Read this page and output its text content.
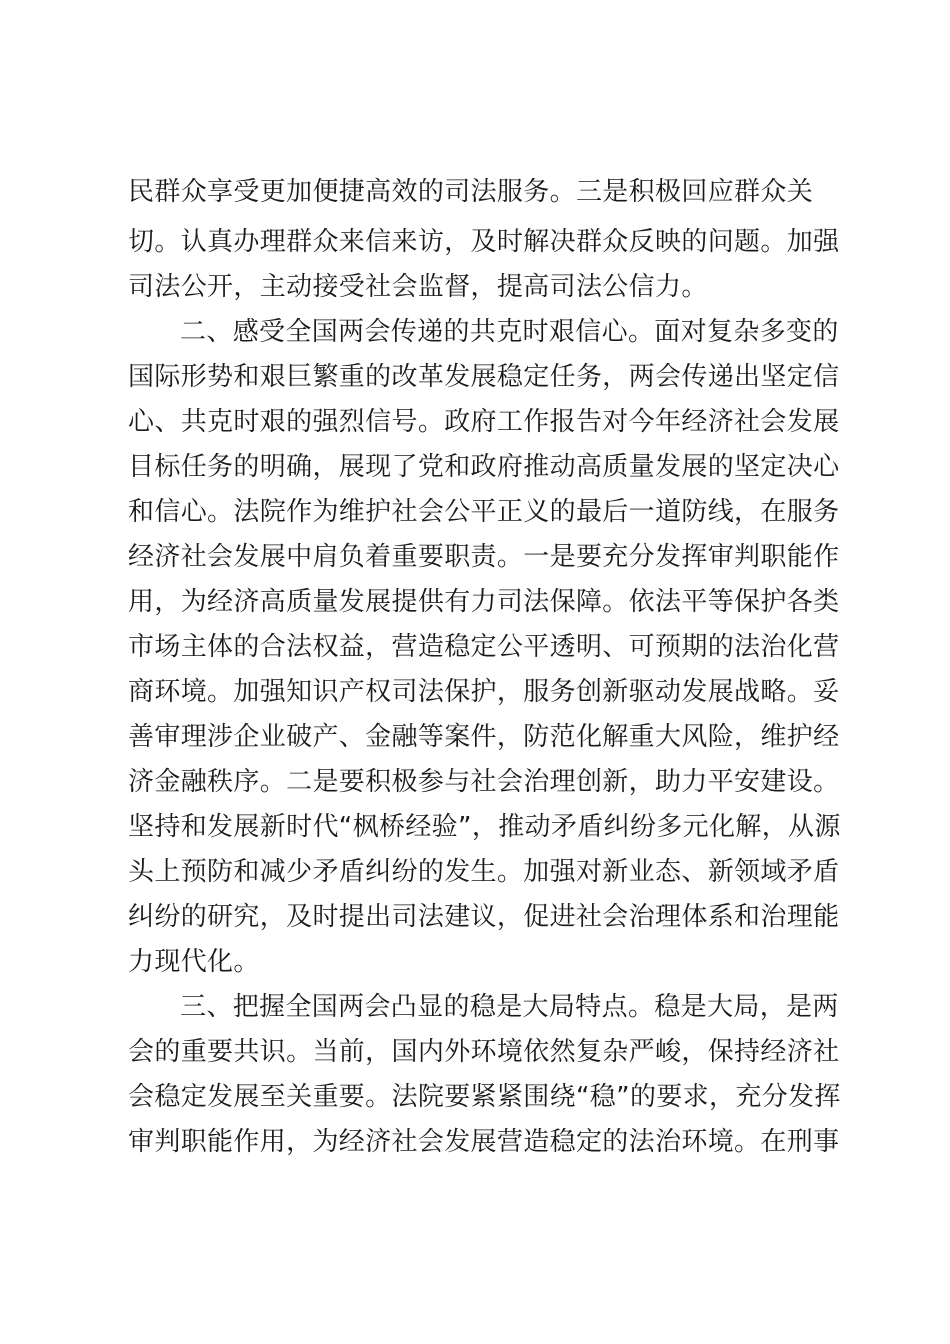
民群众享受更加便捷高效的司法服务。三是积极回应群众关
切。认真办理群众来信来访，及时解决群众反映的问题。加强
司法公开，主动接受社会监督，提高司法公信力。
二、感受全国两会传递的共克时艰信心。面对复杂多变的
国际形势和艰巨繁重的改革发展稳定任务，两会传递出坚定信
心、共克时艰的强烈信号。政府工作报告对今年经济社会发展
目标任务的明确，展现了党和政府推动高质量发展的坚定决心
和信心。法院作为维护社会公平正义的最后一道防线，在服务
经济社会发展中肩负着重要职责。一是要充分发挥审判职能作
用，为经济高质量发展提供有力司法保障。依法平等保护各类
市场主体的合法权益，营造稳定公平透明、可预期的法治化营
商环境。加强知识产权司法保护，服务创新驱动发展战略。妥
善审理涉企业破产、金融等案件，防范化解重大风险，维护经
济金融秩序。二是要积极参与社会治理创新，助力平安建设。
坚持和发展新时代“枫桥经验”，推动矛盾纠纷多元化解，从源
头上预防和减少矛盾纠纷的发生。加强对新业态、新领域矛盾
纠纷的研究，及时提出司法建议，促进社会治理体系和治理能
力现代化。
三、把握全国两会凸显的稳是大局特点。稳是大局，是两
会的重要共识。当前，国内外环境依然复杂严峻，保持经济社
会稳定发展至关重要。法院要紧紧围绕“稳”的要求，充分发挥
审判职能作用，为经济社会发展营造稳定的法治环境。在刑事
